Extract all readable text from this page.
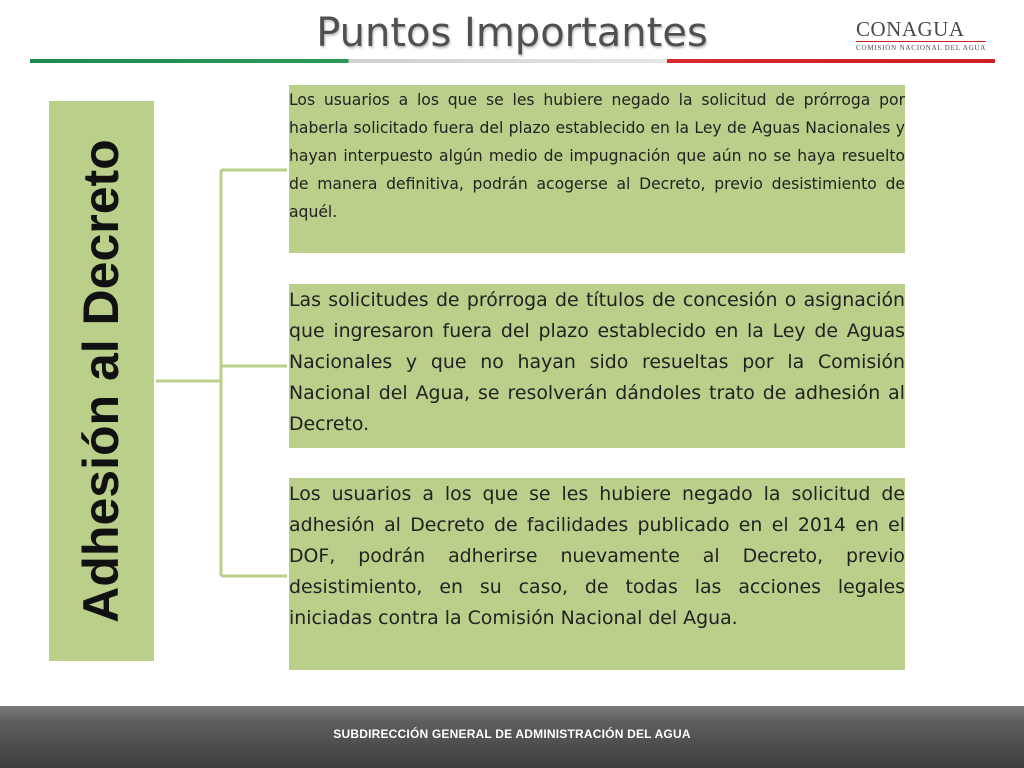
Puntos Importantes	CONAGUA
COMISIÓN NACIONAL DEL AGUA
Adhesión al Decreto
Los usuarios a los que se les hubiere negado la solicitud de prórroga por haberla solicitado fuera del plazo establecido en la Ley de Aguas Nacionales y hayan interpuesto algún medio de impugnación que aún no se haya resuelto de manera definitiva, podrán acogerse al Decreto, previo desistimiento de aquél.
Las solicitudes de prórroga de títulos de concesión o asignación que ingresaron fuera del plazo establecido en la Ley de Aguas Nacionales y que no hayan sido resueltas por la Comisión Nacional del Agua, se resolverán dándoles trato de adhesión al Decreto.
Los usuarios a los que se les hubiere negado la solicitud de adhesión al Decreto de facilidades publicado en el 2014 en el DOF, podrán adherirse nuevamente al Decreto, previo desistimiento, en su caso, de todas las acciones legales iniciadas contra la Comisión Nacional del Agua.
SUBDIRECCIÓN GENERAL DE ADMINISTRACIÓN DEL AGUA
